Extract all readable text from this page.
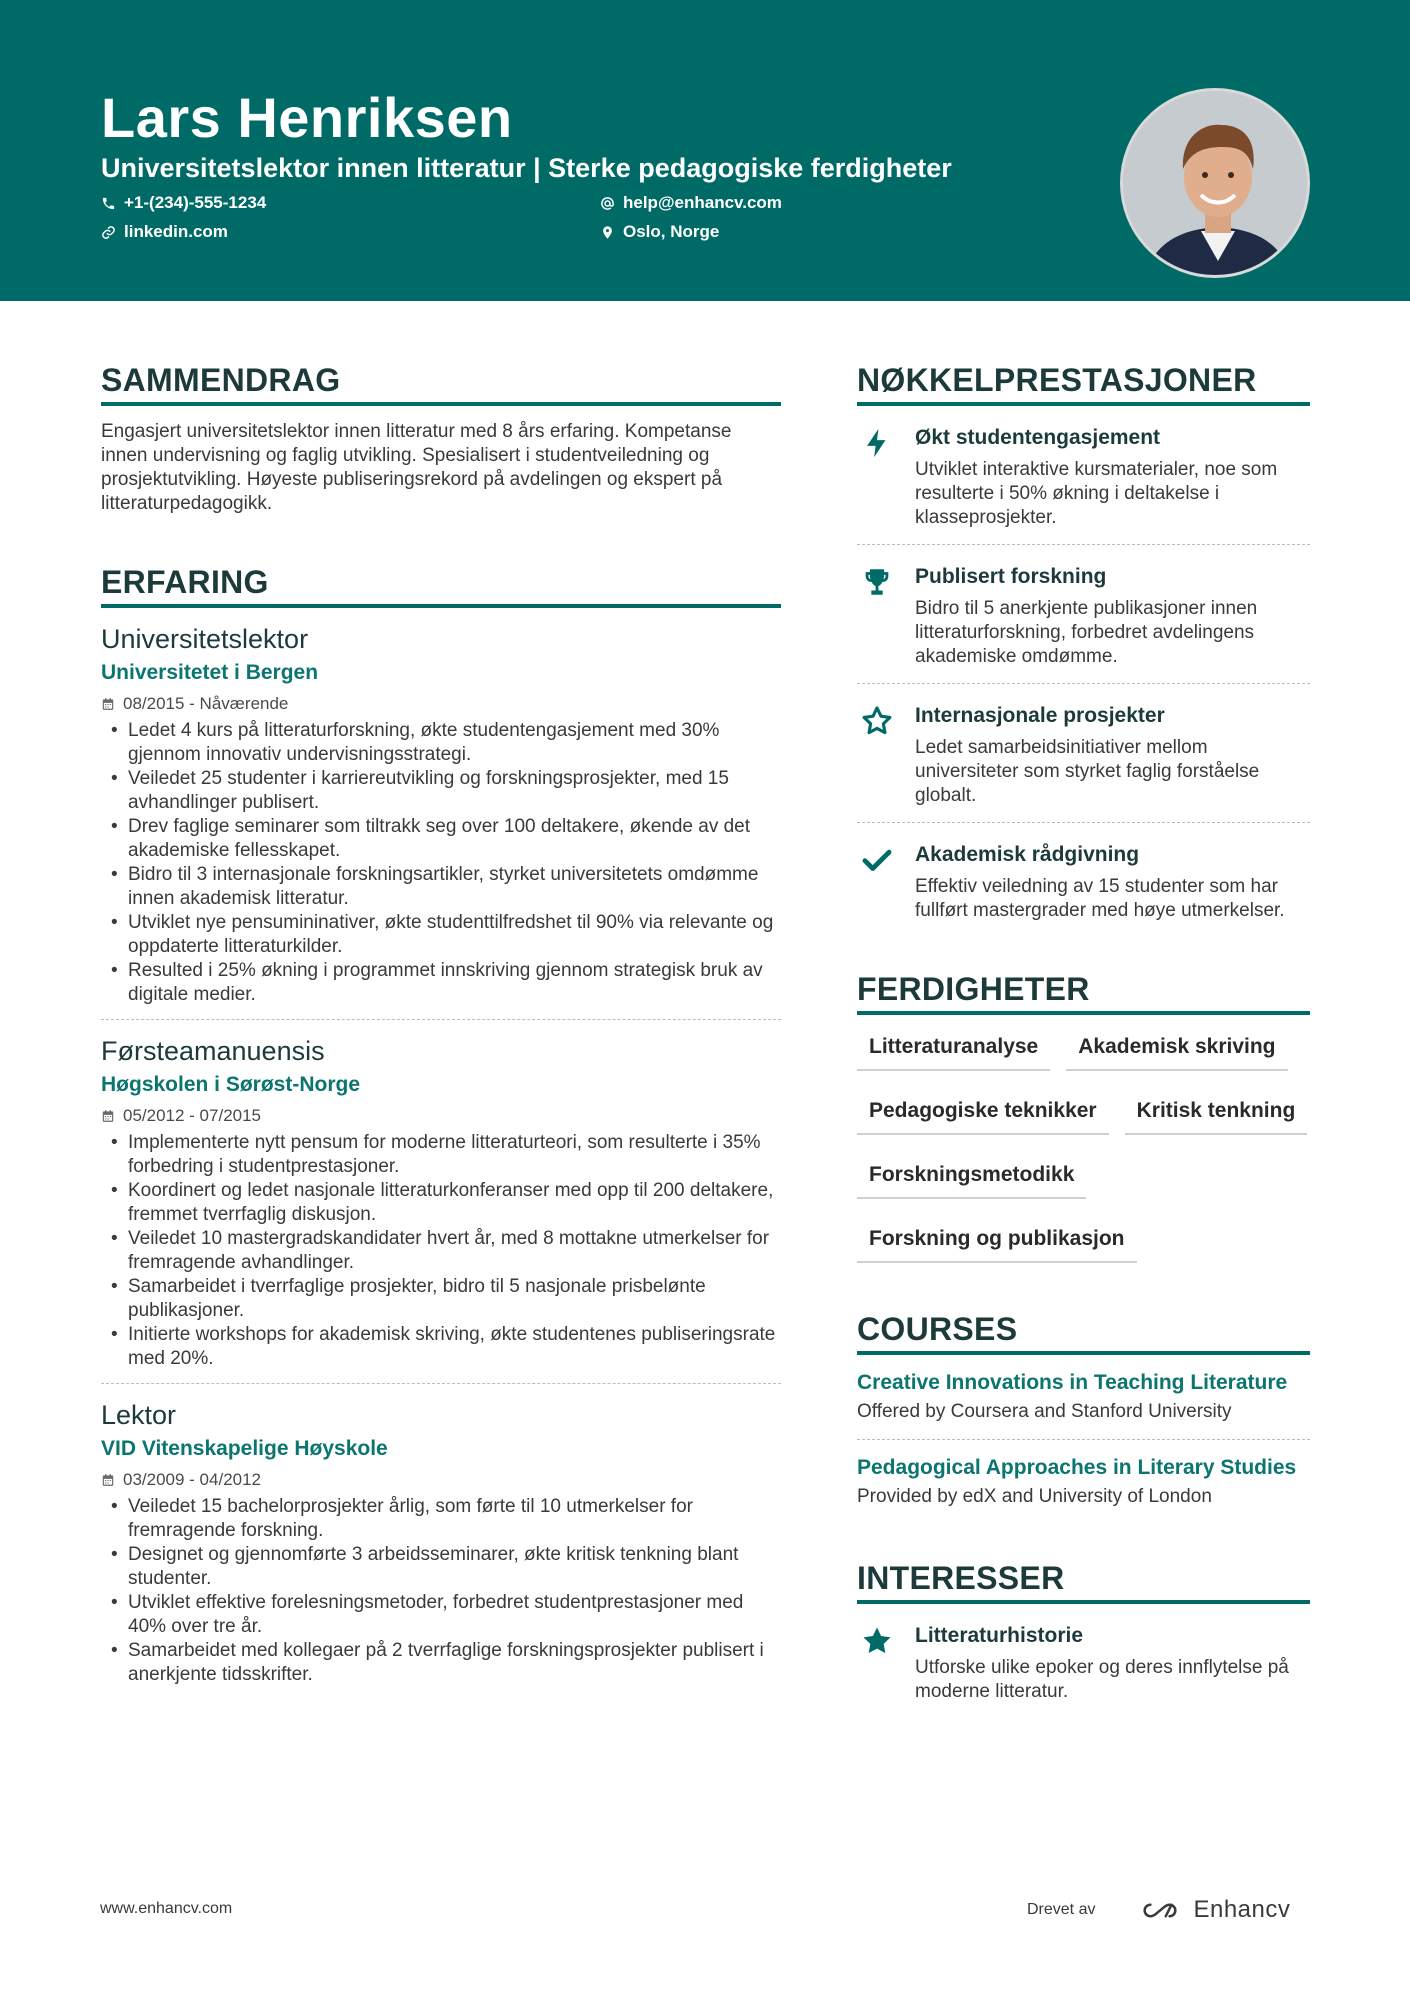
Lars Henriksen
Universitetslektor innen litteratur | Sterke pedagogiske ferdigheter
+1-(234)-555-1234	help@enhancv.com
linkedin.com	Oslo, Norge
SAMMENDRAG

Engasjert universitetslektor innen litteratur med 8 års erfaring. Kompetanse innen undervisning og faglig utvikling. Spesialisert i studentveiledning og prosjektutvikling. Høyeste publiseringsrekord på avdelingen og ekspert på litteraturpedagogikk.

ERFARING
Universitetslektor
Universitetet i Bergen
08/2015 - Nåværende
• Ledet 4 kurs på litteraturforskning, økte studentengasjement med 30% gjennom innovativ undervisningsstrategi.
• Veiledet 25 studenter i karriereutvikling og forskningsprosjekter, med 15 avhandlinger publisert.
• Drev faglige seminarer som tiltrakk seg over 100 deltakere, økende av det akademiske fellesskapet.
• Bidro til 3 internasjonale forskningsartikler, styrket universitetets omdømme innen akademisk litteratur.
• Utviklet nye pensumininativer, økte studenttilfredshet til 90% via relevante og oppdaterte litteraturkilder.
• Resulted i 25% økning i programmet innskriving gjennom strategisk bruk av digitale medier.
Førsteamanuensis
Høgskolen i Sørøst-Norge
05/2012 - 07/2015
• Implementerte nytt pensum for moderne litteraturteori, som resulterte i 35% forbedring i studentprestasjoner.
• Koordinert og ledet nasjonale litteraturkonferanser med opp til 200 deltakere, fremmet tverrfaglig diskusjon.
• Veiledet 10 mastergradskandidater hvert år, med 8 mottakne utmerkelser for fremragende avhandlinger.
• Samarbeidet i tverrfaglige prosjekter, bidro til 5 nasjonale prisbelønte publikasjoner.
• Initierte workshops for akademisk skriving, økte studentenes publiseringsrate med 20%.
Lektor
VID Vitenskapelige Høyskole
03/2009 - 04/2012
• Veiledet 15 bachelorprosjekter årlig, som førte til 10 utmerkelser for fremragende forskning.
• Designet og gjennomførte 3 arbeidsseminarer, økte kritisk tenkning blant studenter.
• Utviklet effektive forelesningsmetoder, forbedret studentprestasjoner med 40% over tre år.
• Samarbeidet med kollegaer på 2 tverrfaglige forskningsprosjekter publisert i anerkjente tidsskrifter.
NØKKELPRESTASJONER
Økt studentengasjement
Utviklet interaktive kursmaterialer, noe som resulterte i 50% økning i deltakelse i klasseprosjekter.
Publisert forskning
Bidro til 5 anerkjente publikasjoner innen litteraturforskning, forbedret avdelingens akademiske omdømme.
Internasjonale prosjekter
Ledet samarbeidsinitiativer mellom universiteter som styrket faglig forståelse globalt.
Akademisk rådgivning
Effektiv veiledning av 15 studenter som har fullført mastergrader med høye utmerkelser.
FERDIGHETER
Litteraturanalyse	Akademisk skriving
Pedagogiske teknikker	Kritisk tenkning
Forskningsmetodikk
Forskning og publikasjon
COURSES
Creative Innovations in Teaching Literature
Offered by Coursera and Stanford University
Pedagogical Approaches in Literary Studies
Provided by edX and University of London
INTERESSER
Litteraturhistorie
Utforske ulike epoker og deres innflytelse på moderne litteratur.
www.enhancv.com	Drevet av	Enhancv
